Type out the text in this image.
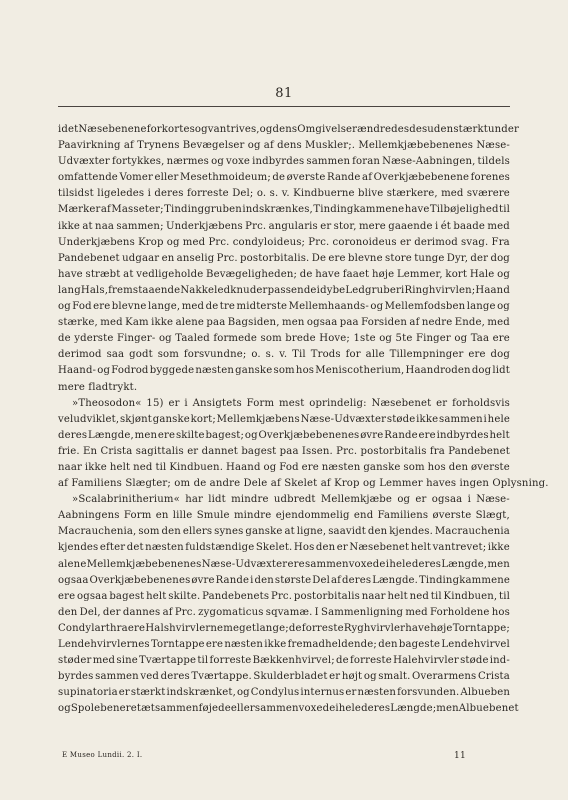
81
idet Næsebenene forkortes og vantrives, og dens Omgivelser ændredes desuden stærkt under
Paavirkning af Trynens Bevægelser og af dens Muskler;. Mellemkjæbebenenes Næse-
Udvæxter fortykkes, nærmes og voxe indbyrdes sammen foran Næse-Aabningen, tildels
omfattende Vomer eller Mesethmoideum; de øverste Rande af Overkjæbebenene forenes
tilsidst ligeledes i deres forreste Del; o. s. v. Kindbuerne blive stærkere, med sværere
Mærker af Masseter; Tindinggruben indskrænkes, Tindingkammene have Tilbøjelighed til
ikke at naa sammen; Underkjæbens Prc. angularis er stor, mere gaaende i ét baade med
Underkjæbens Krop og med Prc. condyloideus; Prc. coronoideus er derimod svag. Fra
Pandebenet udgaar en anselig Prc. postorbitalis. De ere blevne store tunge Dyr, der dog
have stræbt at vedligeholde Bevægeligheden; de have faaet høje Lemmer, kort Hale og
lang Hals, fremstaaende Nakkeledknuder passende i dybe Ledgruber i Ringhvirvlen; Haand
og Fod ere blevne lange, med de tre midterste Mellemhaands- og Mellemfodsben lange og
stærke, med Kam ikke alene paa Bagsiden, men ogsaa paa Forsiden af nedre Ende, med
de yderste Finger- og Taaled formede som brede Hove; 1ste og 5te Finger og Taa ere
derimod saa godt som forsvundne; o. s. v. Til Trods for alle Tillempninger ere dog
Haand- og Fodrod byggede næsten ganske som hos Meniscotherium, Haandroden dog lidt
mere fladtrykt.
»Theosodon« 15) er i Ansigtets Form mest oprindelig: Næsebenet er forholdsvis
veludviklet, skjønt ganske kort; Mellemkjæbens Næse-Udvæxter støde ikke sammen i hele
deres Længde, men ere skilte bagest; og Overkjæbebenenes øvre Rande ere indbyrdes helt
frie. En Crista sagittalis er dannet bagest paa Issen. Prc. postorbitalis fra Pandebenet
naar ikke helt ned til Kindbuen. Haand og Fod ere næsten ganske som hos den øverste
af Familiens Slægter; om de andre Dele af Skelet af Krop og Lemmer haves ingen Oplysning.
»Scalabrinitherium« har lidt mindre udbredt Mellemkjæbe og er ogsaa i Næse-
Aabningens Form en lille Smule mindre ejendommelig end Familiens øverste Slægt,
Macrauchenia, som den ellers synes ganske at ligne, saavidt den kjendes. Macrauchenia
kjendes efter det næsten fuldstændige Skelet. Hos den er Næsebenet helt vantrevet; ikke
alene Mellemkjæbebenenes Næse-Udvæxter ere sammenvoxede i hele deres Længde, men
ogsaa Overkjæbebenenes øvre Rande i den største Del af deres Længde. Tindingkammene
ere ogsaa bagest helt skilte. Pandebenets Prc. postorbitalis naar helt ned til Kindbuen, til
den Del, der dannes af Prc. zygomaticus sqvamæ. I Sammenligning med Forholdene hos
Condylarthra ere Halshvirvlerne meget lange; de forreste Ryghvirvler have høje Torntappe;
Lendehvirvlernes Torntappe ere næsten ikke fremadheldende; den bageste Lendehvirvel
støder med sine Tværtappe til forreste Bækkenhvirvel; de forreste Halehvirvler støde ind-
byrdes sammen ved deres Tværtappe. Skulderbladet er højt og smalt. Overarmens Crista
supinatoria er stærkt indskrænket, og Condylus internus er næsten forsvunden. Albueben
og Spoleben ere tæt sammenføjede eller sammenvoxede i hele deres Længde; men Albuebenet
E Museo Lundii. 2. I.	11
